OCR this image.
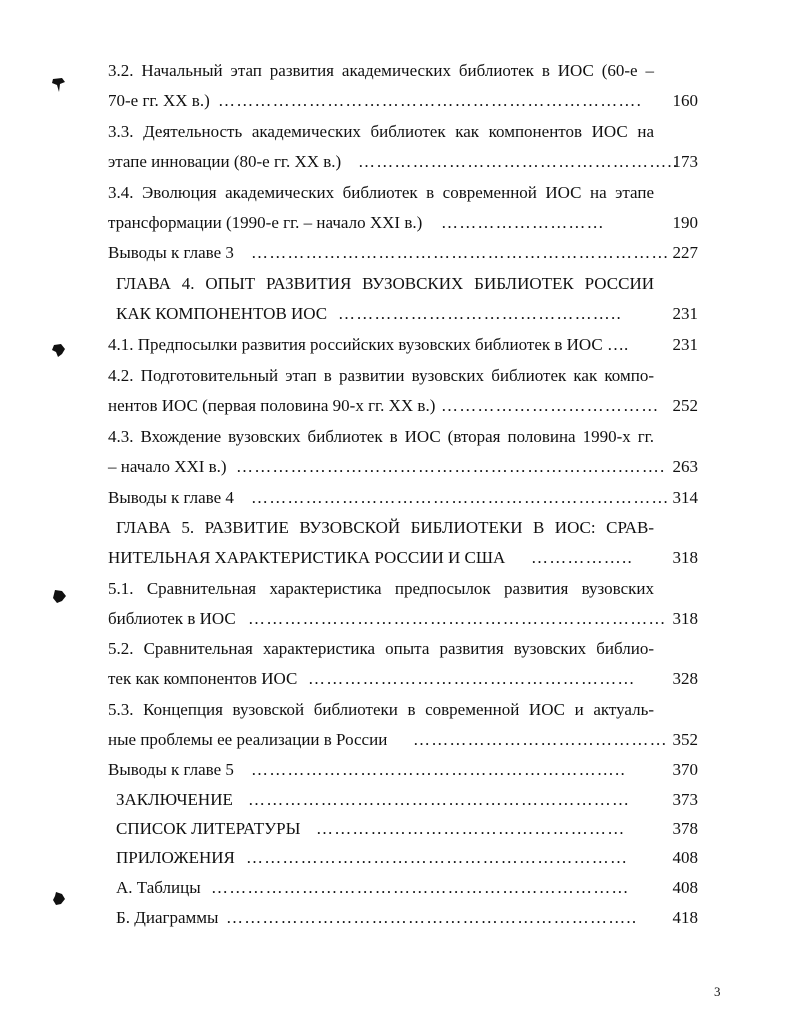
3.2. Начальный этап развития академических библиотек в ИОС (60-е –
70-е гг. XX в.) ……………………………………………………………. 160
3.3. Деятельность академических библиотек как компонентов ИОС на
этапе инновации (80-е гг. XX в.) ……………………………………………..
173
3.4. Эволюция академических библиотек в современной ИОС на этапе
трансформации (1990-е гг. – начало XXI в.) ………………………	190
Выводы к главе 3 …………………………………………………………… 227
ГЛАВА 4. ОПЫТ РАЗВИТИЯ ВУЗОВСКИХ БИБЛИОТЕК РОССИИ
КАК КОМПОНЕНТОВ ИОС ………………………………………..	231
4.1. Предпосылки развития российских вузовских библиотек в ИОС ….	231
4.2. Подготовительный этап в развитии вузовских библиотек как компо-
нентов ИОС (первая половина 90-х гг. XX в.) ……………………………… 252
4.3. Вхождение вузовских библиотек в ИОС (вторая половина 1990-х гг.
– начало XXI в.) ……………………………………………………….……. 263
Выводы к главе 4 …………………………………………………………… 314
ГЛАВА 5. РАЗВИТИЕ ВУЗОВСКОЙ БИБЛИОТЕКИ В ИОС: СРАВ-
НИТЕЛЬНАЯ ХАРАКТЕРИСТИКА РОССИИ И США ……………..	318
5.1. Сравнительная характеристика предпосылок развития вузовских
библиотек в ИОС …………………………………………………………… 318
5.2. Сравнительная характеристика опыта развития вузовских библио-
тек как компонентов ИОС ………………………………………………	328
5.3. Концепция вузовской библиотеки в современной ИОС и актуаль-
ные проблемы ее реализации в России …………………………………… 352
Выводы к главе 5 ……………………………………………………..	370
ЗАКЛЮЧЕНИЕ ………………………………………………………	373
СПИСОК ЛИТЕРАТУРЫ ……………………………………………	378
ПРИЛОЖЕНИЯ ………………………………………………………	408
А. Таблицы ……………………………………………………………	408
Б. Диаграммы …………………………………………………………..	418
3
